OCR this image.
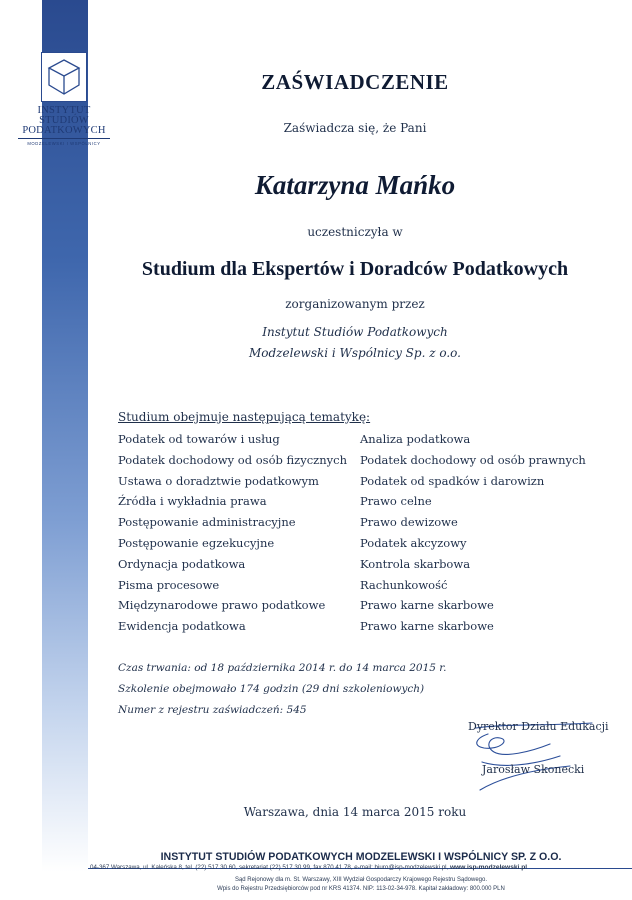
INSTYTUT
STUDIÓW
PODATKOWYCH
MODZELEWSKI I WSPÓLNICY
ZAŚWIADCZENIE
Zaświadcza się, że Pani
Katarzyna Mańko
uczestniczyła w
Studium dla Ekspertów i Doradców Podatkowych
zorganizowanym przez
Instytut Studiów Podatkowych
Modzelewski i Wspólnicy Sp. z o.o.
Studium obejmuje następującą tematykę:
Podatek od towarów i usług
Podatek dochodowy od osób fizycznych
Ustawa o doradztwie podatkowym
Źródła i wykładnia prawa
Postępowanie administracyjne
Postępowanie egzekucyjne
Ordynacja podatkowa
Pisma procesowe
Międzynarodowe prawo podatkowe
Ewidencja podatkowa
Analiza podatkowa
Podatek dochodowy od osób prawnych
Podatek od spadków i darowizn
Prawo celne
Prawo dewizowe
Podatek akcyzowy
Kontrola skarbowa
Rachunkowość
Prawo karne skarbowe
Prawo karne skarbowe
Czas trwania: od 18 października 2014 r. do 14 marca 2015 r.
Szkolenie obejmowało 174 godzin (29 dni szkoleniowych)
Numer z rejestru zaświadczeń: 545
Dyrektor Działu Edukacji
Jarosław Skonecki
Warszawa, dnia 14 marca 2015 roku
INSTYTUT STUDIÓW PODATKOWYCH MODZELEWSKI I WSPÓLNICY SP. Z O.O.
04-367 Warszawa, ul. Kaleńska 8, tel. (22) 517 30 60, sekretariat (22) 517 30 99, fax 870 41 78, e-mail: biuro@isp-modzelewski.pl, www.isp-modzelewski.pl
Sąd Rejonowy dla m. St. Warszawy, XIII Wydział Gospodarczy Krajowego Rejestru Sądowego.
Wpis do Rejestru Przedsiębiorców pod nr KRS 41374. NIP: 113-02-34-978. Kapitał zakładowy: 800.000 PLN
